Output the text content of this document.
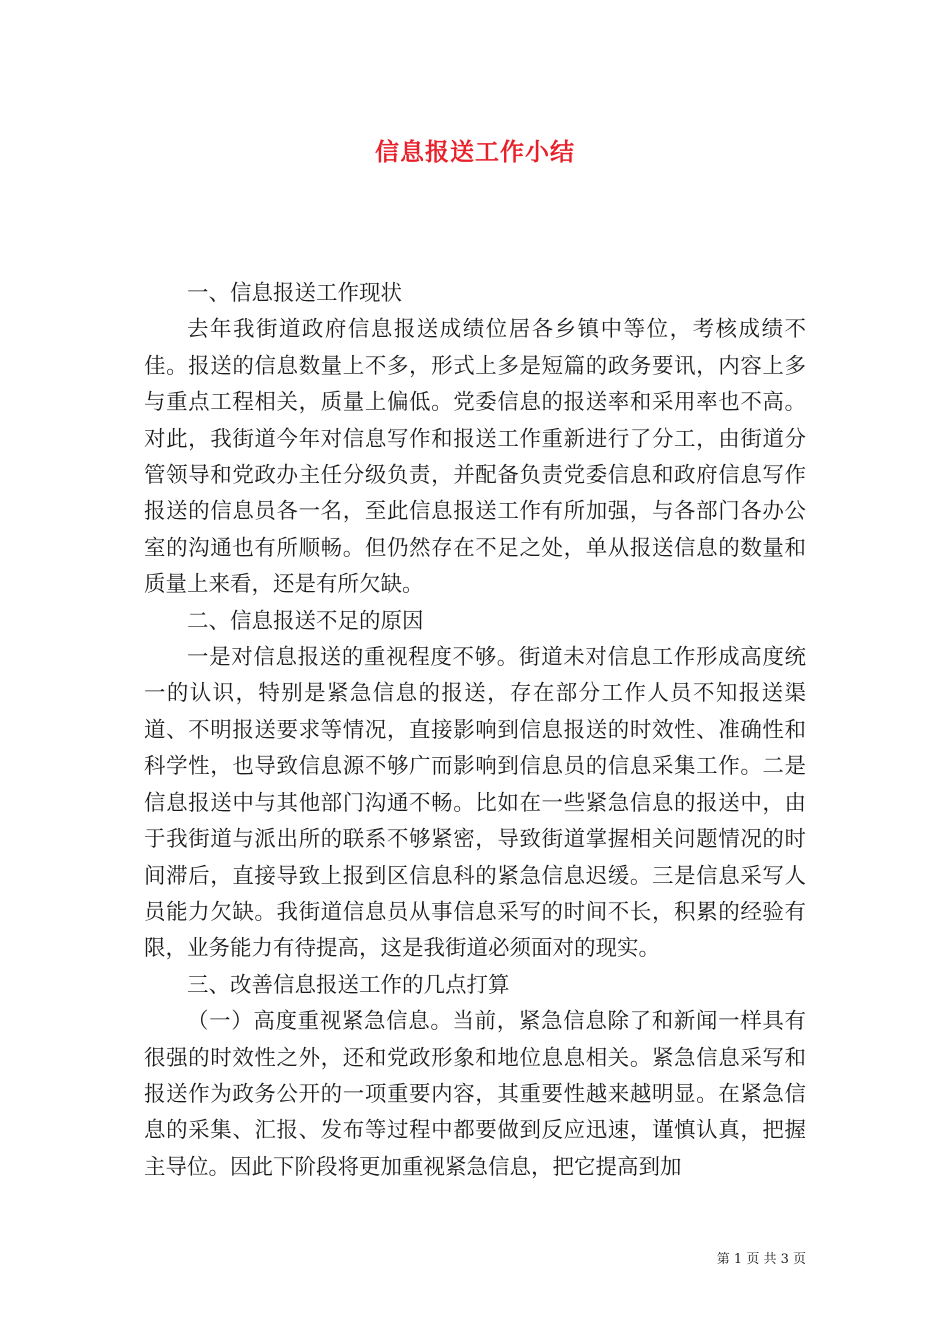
信息报送工作小结

一、信息报送工作现状

去年我街道政府信息报送成绩位居各乡镇中等位，考核成绩不佳。报送的信息数量上不多，形式上多是短篇的政务要讯，内容上多与重点工程相关，质量上偏低。党委信息的报送率和采用率也不高。对此，我街道今年对信息写作和报送工作重新进行了分工，由街道分管领导和党政办主任分级负责，并配备负责党委信息和政府信息写作报送的信息员各一名，至此信息报送工作有所加强，与各部门各办公室的沟通也有所顺畅。但仍然存在不足之处，单从报送信息的数量和质量上来看，还是有所欠缺。

二、信息报送不足的原因

一是对信息报送的重视程度不够。街道未对信息工作形成高度统一的认识，特别是紧急信息的报送，存在部分工作人员不知报送渠道、不明报送要求等情况，直接影响到信息报送的时效性、准确性和科学性，也导致信息源不够广而影响到信息员的信息采集工作。二是信息报送中与其他部门沟通不畅。比如在一些紧急信息的报送中，由于我街道与派出所的联系不够紧密，导致街道掌握相关问题情况的时间滞后，直接导致上报到区信息科的紧急信息迟缓。三是信息采写人员能力欠缺。我街道信息员从事信息采写的时间不长，积累的经验有限，业务能力有待提高，这是我街道必须面对的现实。

三、改善信息报送工作的几点打算

（一）高度重视紧急信息。当前，紧急信息除了和新闻一样具有很强的时效性之外，还和党政形象和地位息息相关。紧急信息采写和报送作为政务公开的一项重要内容，其重要性越来越明显。在紧急信息的采集、汇报、发布等过程中都要做到反应迅速，谨慎认真，把握主导位。因此下阶段将更加重视紧急信息，把它提高到加

第 1 页 共 3 页
